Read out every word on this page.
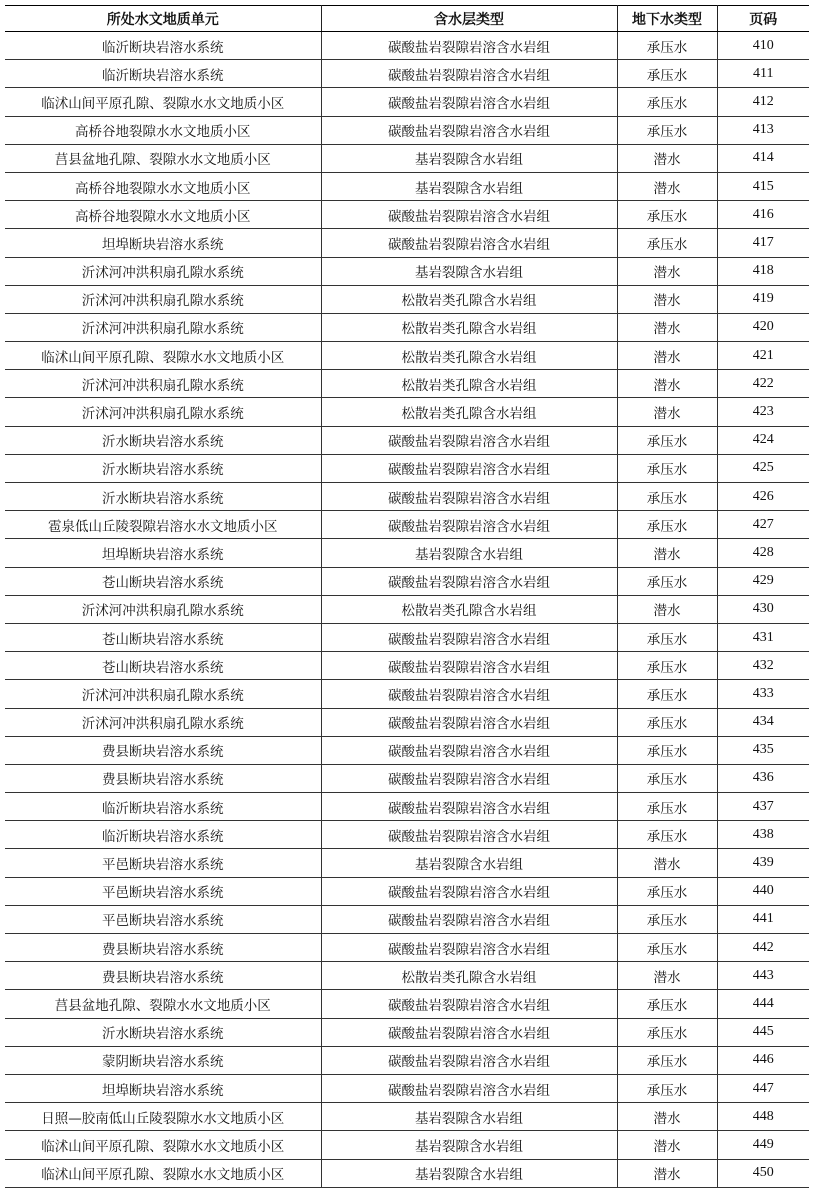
所处水文地质单元	含水层类型	地下水类型	页码
临沂断块岩溶水系统	碳酸盐岩裂隙岩溶含水岩组	承压水	410
临沂断块岩溶水系统	碳酸盐岩裂隙岩溶含水岩组	承压水	411
临沭山间平原孔隙、裂隙水水文地质小区	碳酸盐岩裂隙岩溶含水岩组	承压水	412
高桥谷地裂隙水水文地质小区	碳酸盐岩裂隙岩溶含水岩组	承压水	413
莒县盆地孔隙、裂隙水水文地质小区	基岩裂隙含水岩组	潜水	414
高桥谷地裂隙水水文地质小区	基岩裂隙含水岩组	潜水	415
高桥谷地裂隙水水文地质小区	碳酸盐岩裂隙岩溶含水岩组	承压水	416
坦埠断块岩溶水系统	碳酸盐岩裂隙岩溶含水岩组	承压水	417
沂沭河冲洪积扇孔隙水系统	基岩裂隙含水岩组	潜水	418
沂沭河冲洪积扇孔隙水系统	松散岩类孔隙含水岩组	潜水	419
沂沭河冲洪积扇孔隙水系统	松散岩类孔隙含水岩组	潜水	420
临沭山间平原孔隙、裂隙水水文地质小区	松散岩类孔隙含水岩组	潜水	421
沂沭河冲洪积扇孔隙水系统	松散岩类孔隙含水岩组	潜水	422
沂沭河冲洪积扇孔隙水系统	松散岩类孔隙含水岩组	潜水	423
沂水断块岩溶水系统	碳酸盐岩裂隙岩溶含水岩组	承压水	424
沂水断块岩溶水系统	碳酸盐岩裂隙岩溶含水岩组	承压水	425
沂水断块岩溶水系统	碳酸盐岩裂隙岩溶含水岩组	承压水	426
雹泉低山丘陵裂隙岩溶水水文地质小区	碳酸盐岩裂隙岩溶含水岩组	承压水	427
坦埠断块岩溶水系统	基岩裂隙含水岩组	潜水	428
苍山断块岩溶水系统	碳酸盐岩裂隙岩溶含水岩组	承压水	429
沂沭河冲洪积扇孔隙水系统	松散岩类孔隙含水岩组	潜水	430
苍山断块岩溶水系统	碳酸盐岩裂隙岩溶含水岩组	承压水	431
苍山断块岩溶水系统	碳酸盐岩裂隙岩溶含水岩组	承压水	432
沂沭河冲洪积扇孔隙水系统	碳酸盐岩裂隙岩溶含水岩组	承压水	433
沂沭河冲洪积扇孔隙水系统	碳酸盐岩裂隙岩溶含水岩组	承压水	434
费县断块岩溶水系统	碳酸盐岩裂隙岩溶含水岩组	承压水	435
费县断块岩溶水系统	碳酸盐岩裂隙岩溶含水岩组	承压水	436
临沂断块岩溶水系统	碳酸盐岩裂隙岩溶含水岩组	承压水	437
临沂断块岩溶水系统	碳酸盐岩裂隙岩溶含水岩组	承压水	438
平邑断块岩溶水系统	基岩裂隙含水岩组	潜水	439
平邑断块岩溶水系统	碳酸盐岩裂隙岩溶含水岩组	承压水	440
平邑断块岩溶水系统	碳酸盐岩裂隙岩溶含水岩组	承压水	441
费县断块岩溶水系统	碳酸盐岩裂隙岩溶含水岩组	承压水	442
费县断块岩溶水系统	松散岩类孔隙含水岩组	潜水	443
莒县盆地孔隙、裂隙水水文地质小区	碳酸盐岩裂隙岩溶含水岩组	承压水	444
沂水断块岩溶水系统	碳酸盐岩裂隙岩溶含水岩组	承压水	445
蒙阴断块岩溶水系统	碳酸盐岩裂隙岩溶含水岩组	承压水	446
坦埠断块岩溶水系统	碳酸盐岩裂隙岩溶含水岩组	承压水	447
日照—胶南低山丘陵裂隙水水文地质小区	基岩裂隙含水岩组	潜水	448
临沭山间平原孔隙、裂隙水水文地质小区	基岩裂隙含水岩组	潜水	449
临沭山间平原孔隙、裂隙水水文地质小区	基岩裂隙含水岩组	潜水	450
